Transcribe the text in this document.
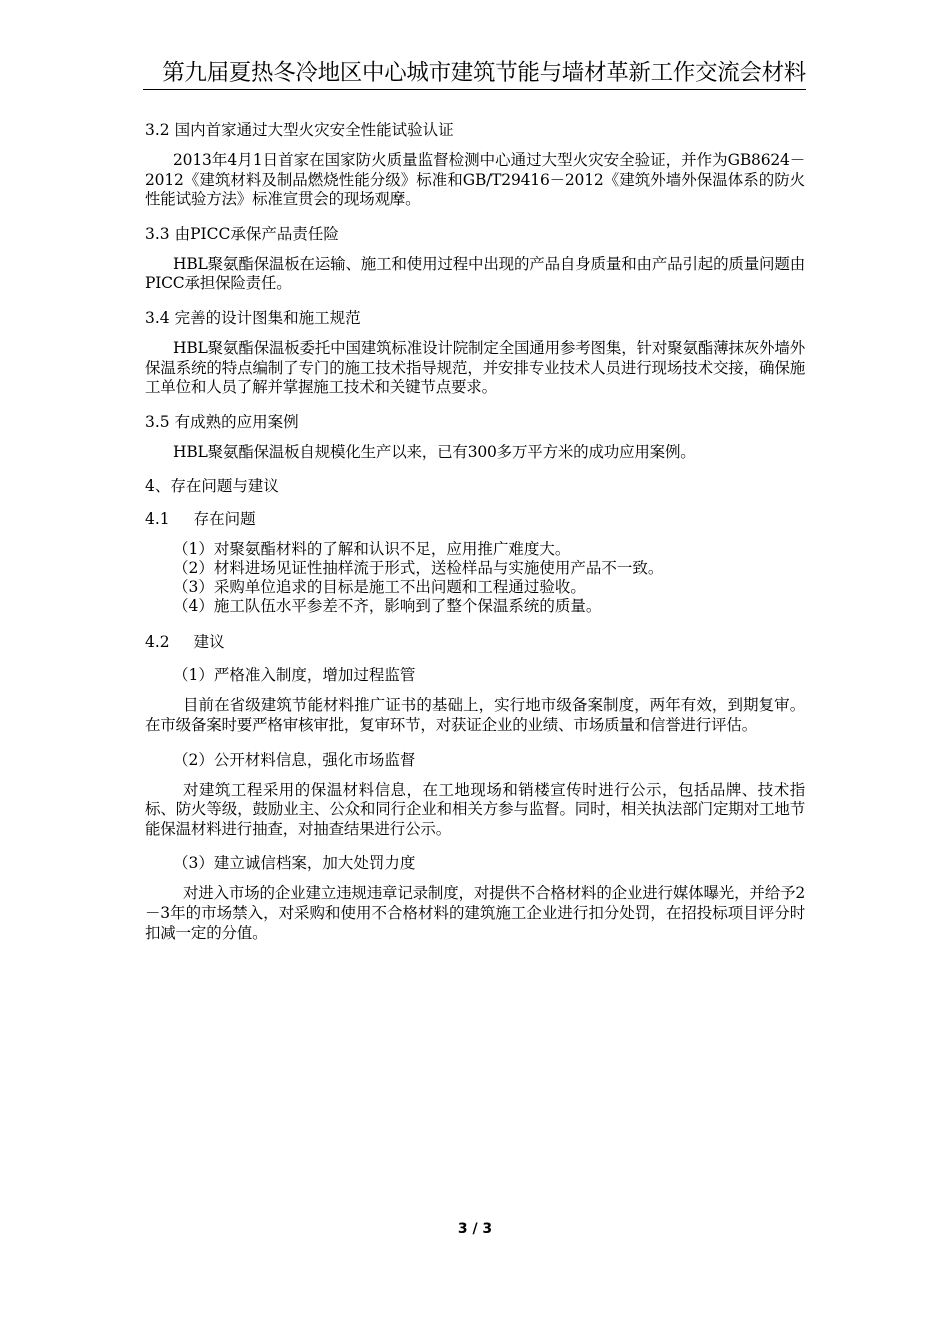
第九届夏热冬冷地区中心城市建筑节能与墙材革新工作交流会材料
3.2 国内首家通过大型火灾安全性能试验认证

2013年4月1日首家在国家防火质量监督检测中心通过大型火灾安全验证，并作为GB8624－2012《建筑材料及制品燃烧性能分级》标准和GB/T29416－2012《建筑外墙外保温体系的防火性能试验方法》标准宣贯会的现场观摩。

3.3 由PICC承保产品责任险

HBL聚氨酯保温板在运输、施工和使用过程中出现的产品自身质量和由产品引起的质量问题由PICC承担保险责任。

3.4 完善的设计图集和施工规范

HBL聚氨酯保温板委托中国建筑标准设计院制定全国通用参考图集，针对聚氨酯薄抹灰外墙外保温系统的特点编制了专门的施工技术指导规范，并安排专业技术人员进行现场技术交接，确保施工单位和人员了解并掌握施工技术和关键节点要求。

3.5 有成熟的应用案例

HBL聚氨酯保温板自规模化生产以来，已有300多万平方米的成功应用案例。

4、存在问题与建议
4.1 存在问题
（1）对聚氨酯材料的了解和认识不足，应用推广难度大。
（2）材料进场见证性抽样流于形式，送检样品与实施使用产品不一致。
（3）采购单位追求的目标是施工不出问题和工程通过验收。
（4）施工队伍水平参差不齐，影响到了整个保温系统的质量。
4.2 建议
（1）严格准入制度，增加过程监管

目前在省级建筑节能材料推广证书的基础上，实行地市级备案制度，两年有效，到期复审。在市级备案时要严格审核审批，复审环节，对获证企业的业绩、市场质量和信誉进行评估。

（2）公开材料信息，强化市场监督

对建筑工程采用的保温材料信息，在工地现场和销楼宣传时进行公示，包括品牌、技术指标、防火等级，鼓励业主、公众和同行企业和相关方参与监督。同时，相关执法部门定期对工地节能保温材料进行抽查，对抽查结果进行公示。

（3）建立诚信档案，加大处罚力度

对进入市场的企业建立违规违章记录制度，对提供不合格材料的企业进行媒体曝光，并给予2－3年的市场禁入，对采购和使用不合格材料的建筑施工企业进行扣分处罚，在招投标项目评分时扣减一定的分值。

3 / 3
